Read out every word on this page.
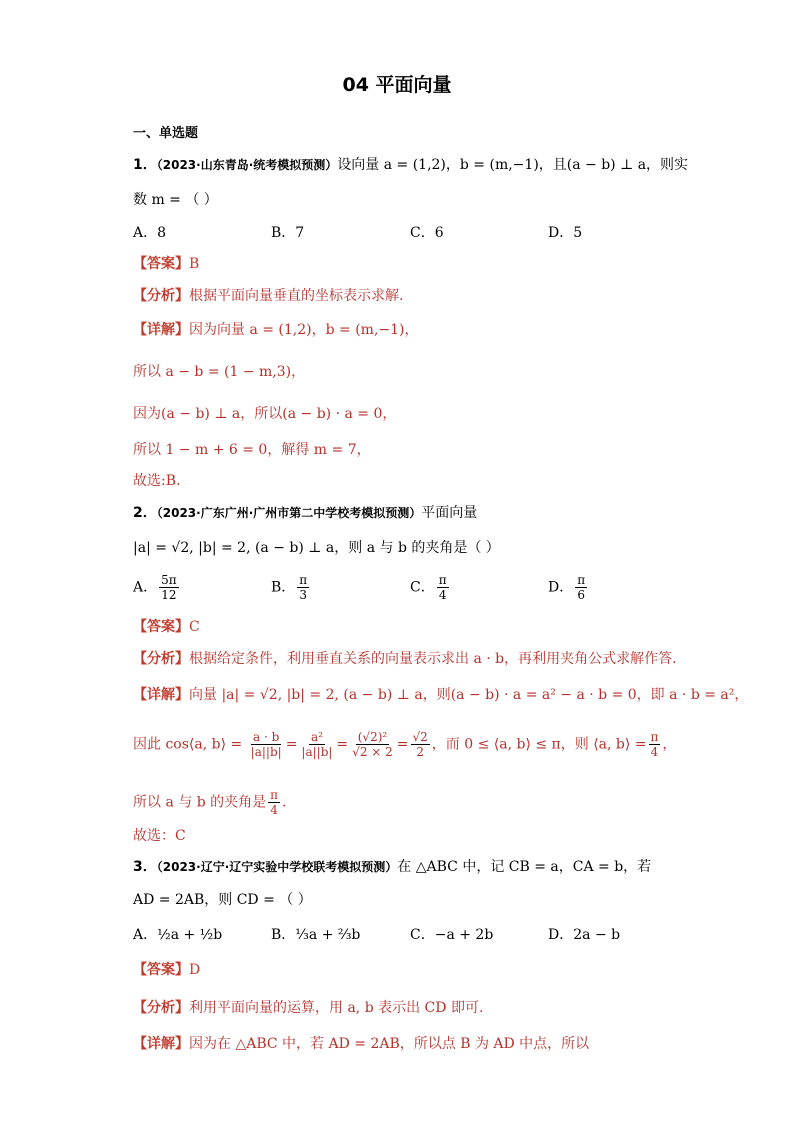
04 平面向量
一、单选题
1．（2023·山东青岛·统考模拟预测）设向量 a = (1,2)，b = (m,−1)，且(a − b) ⊥ a，则实
数 m = （ ）
A．8	B．7	C．6	D．5
【答案】B
【分析】根据平面向量垂直的坐标表示求解.
【详解】因为向量 a = (1,2)，b = (m,−1)，
所以 a − b = (1 − m,3)，
因为(a − b) ⊥ a，所以(a − b) · a = 0，
所以 1 − m + 6 = 0，解得 m = 7，
故选:B.
2．（2023·广东广州·广州市第二中学校考模拟预测）平面向量
|a| = √2, |b| = 2, (a − b) ⊥ a，则 a 与 b 的夹角是（ ）
A． $\frac{5\pi}{12}$	B． $\frac{\pi}{3}$	C． $\frac{\pi}{4}$	D． $\frac{\pi}{6}$
【答案】C
【分析】根据给定条件，利用垂直关系的向量表示求出 a · b，再利用夹角公式求解作答.
【详解】向量 |a| = √2, |b| = 2, (a − b) ⊥ a，则(a − b) · a = a² − a · b = 0，即 a · b = a²，
因此 cos⟨a, b⟩ = $\frac{a \cdot b}{|a||b|} = \frac{\text{a²}}{|a||b|} = \frac{\text{(√2)²}}{√2 \times 2} = \frac{√2}{2}$ ，而 0 ≤ ⟨a, b⟩ ≤ π，则 ⟨a, b⟩ = $\frac{\pi}{4}$ ，
所以 a 与 b 的夹角是 $\frac{\pi}{4}$ .
故选：C
3．（2023·辽宁·辽宁实验中学校联考模拟预测）在 △ABC 中，记 CB = a，CA = b，若
AD = 2AB，则 CD = （ ）
A．½a + ½b	B．⅓a + ⅔b	C．−a + 2b	D．2a − b
【答案】D
【分析】利用平面向量的运算，用 a, b 表示出 CD 即可.
【详解】因为在 △ABC 中，若 AD = 2AB，所以点 B 为 AD 中点，所以
